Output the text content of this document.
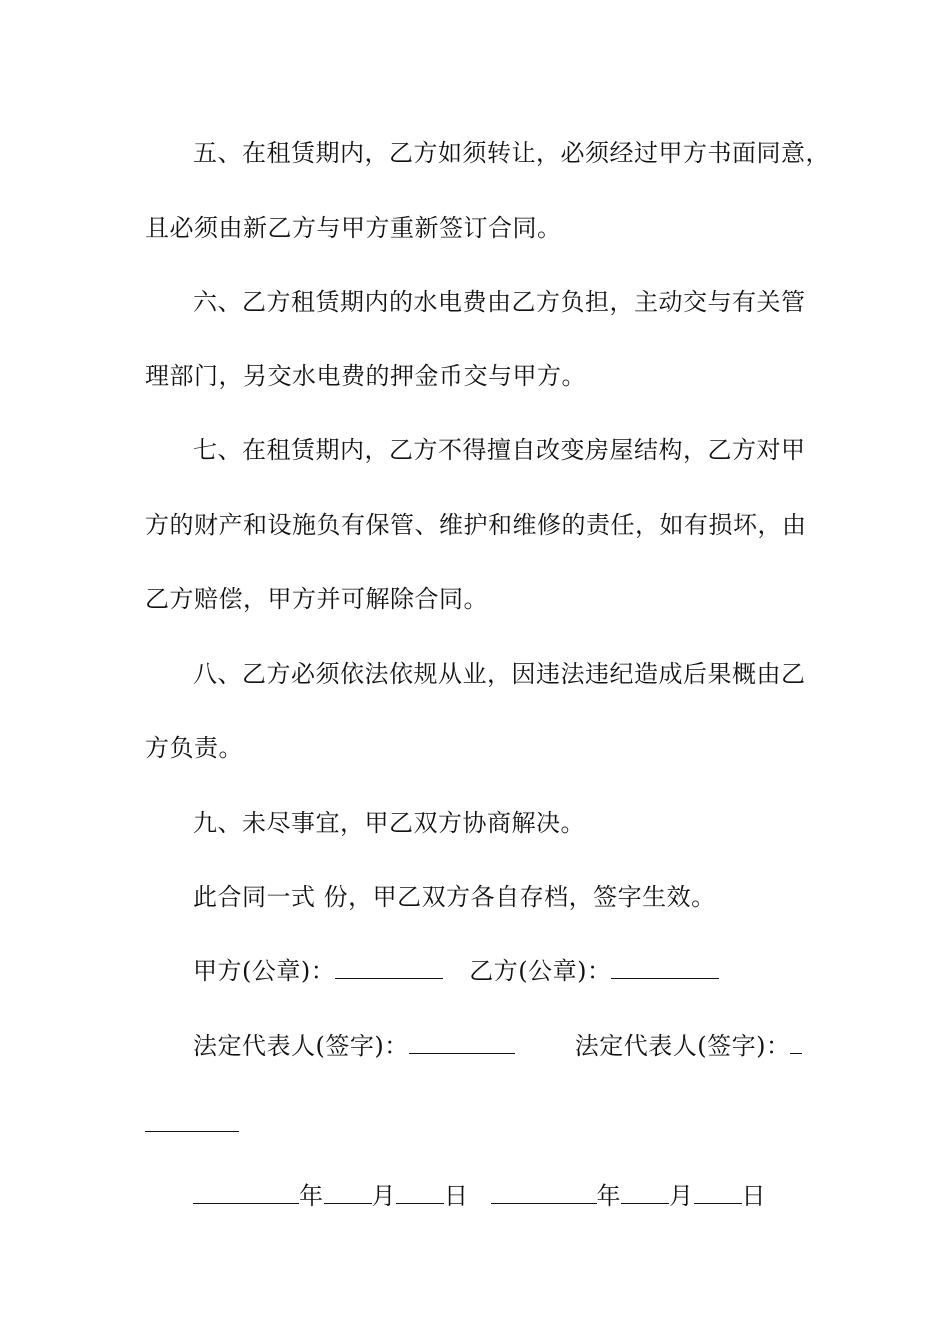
五、在租赁期内，乙方如须转让，必须经过甲方书面同意，
且必须由新乙方与甲方重新签订合同。
六、乙方租赁期内的水电费由乙方负担，主动交与有关管
理部门，另交水电费的押金币交与甲方。
七、在租赁期内，乙方不得擅自改变房屋结构，乙方对甲
方的财产和设施负有保管、维护和维修的责任，如有损坏，由
乙方赔偿，甲方并可解除合同。
八、乙方必须依法依规从业，因违法违纪造成后果概由乙
方负责。
九、未尽事宜，甲乙双方协商解决。
此合同一式 份，甲乙双方各自存档，签字生效。
甲方(公章)：	乙方(公章)：
法定代表人(签字)：	法定代表人(签字)：
年 月 日	年 月 日
